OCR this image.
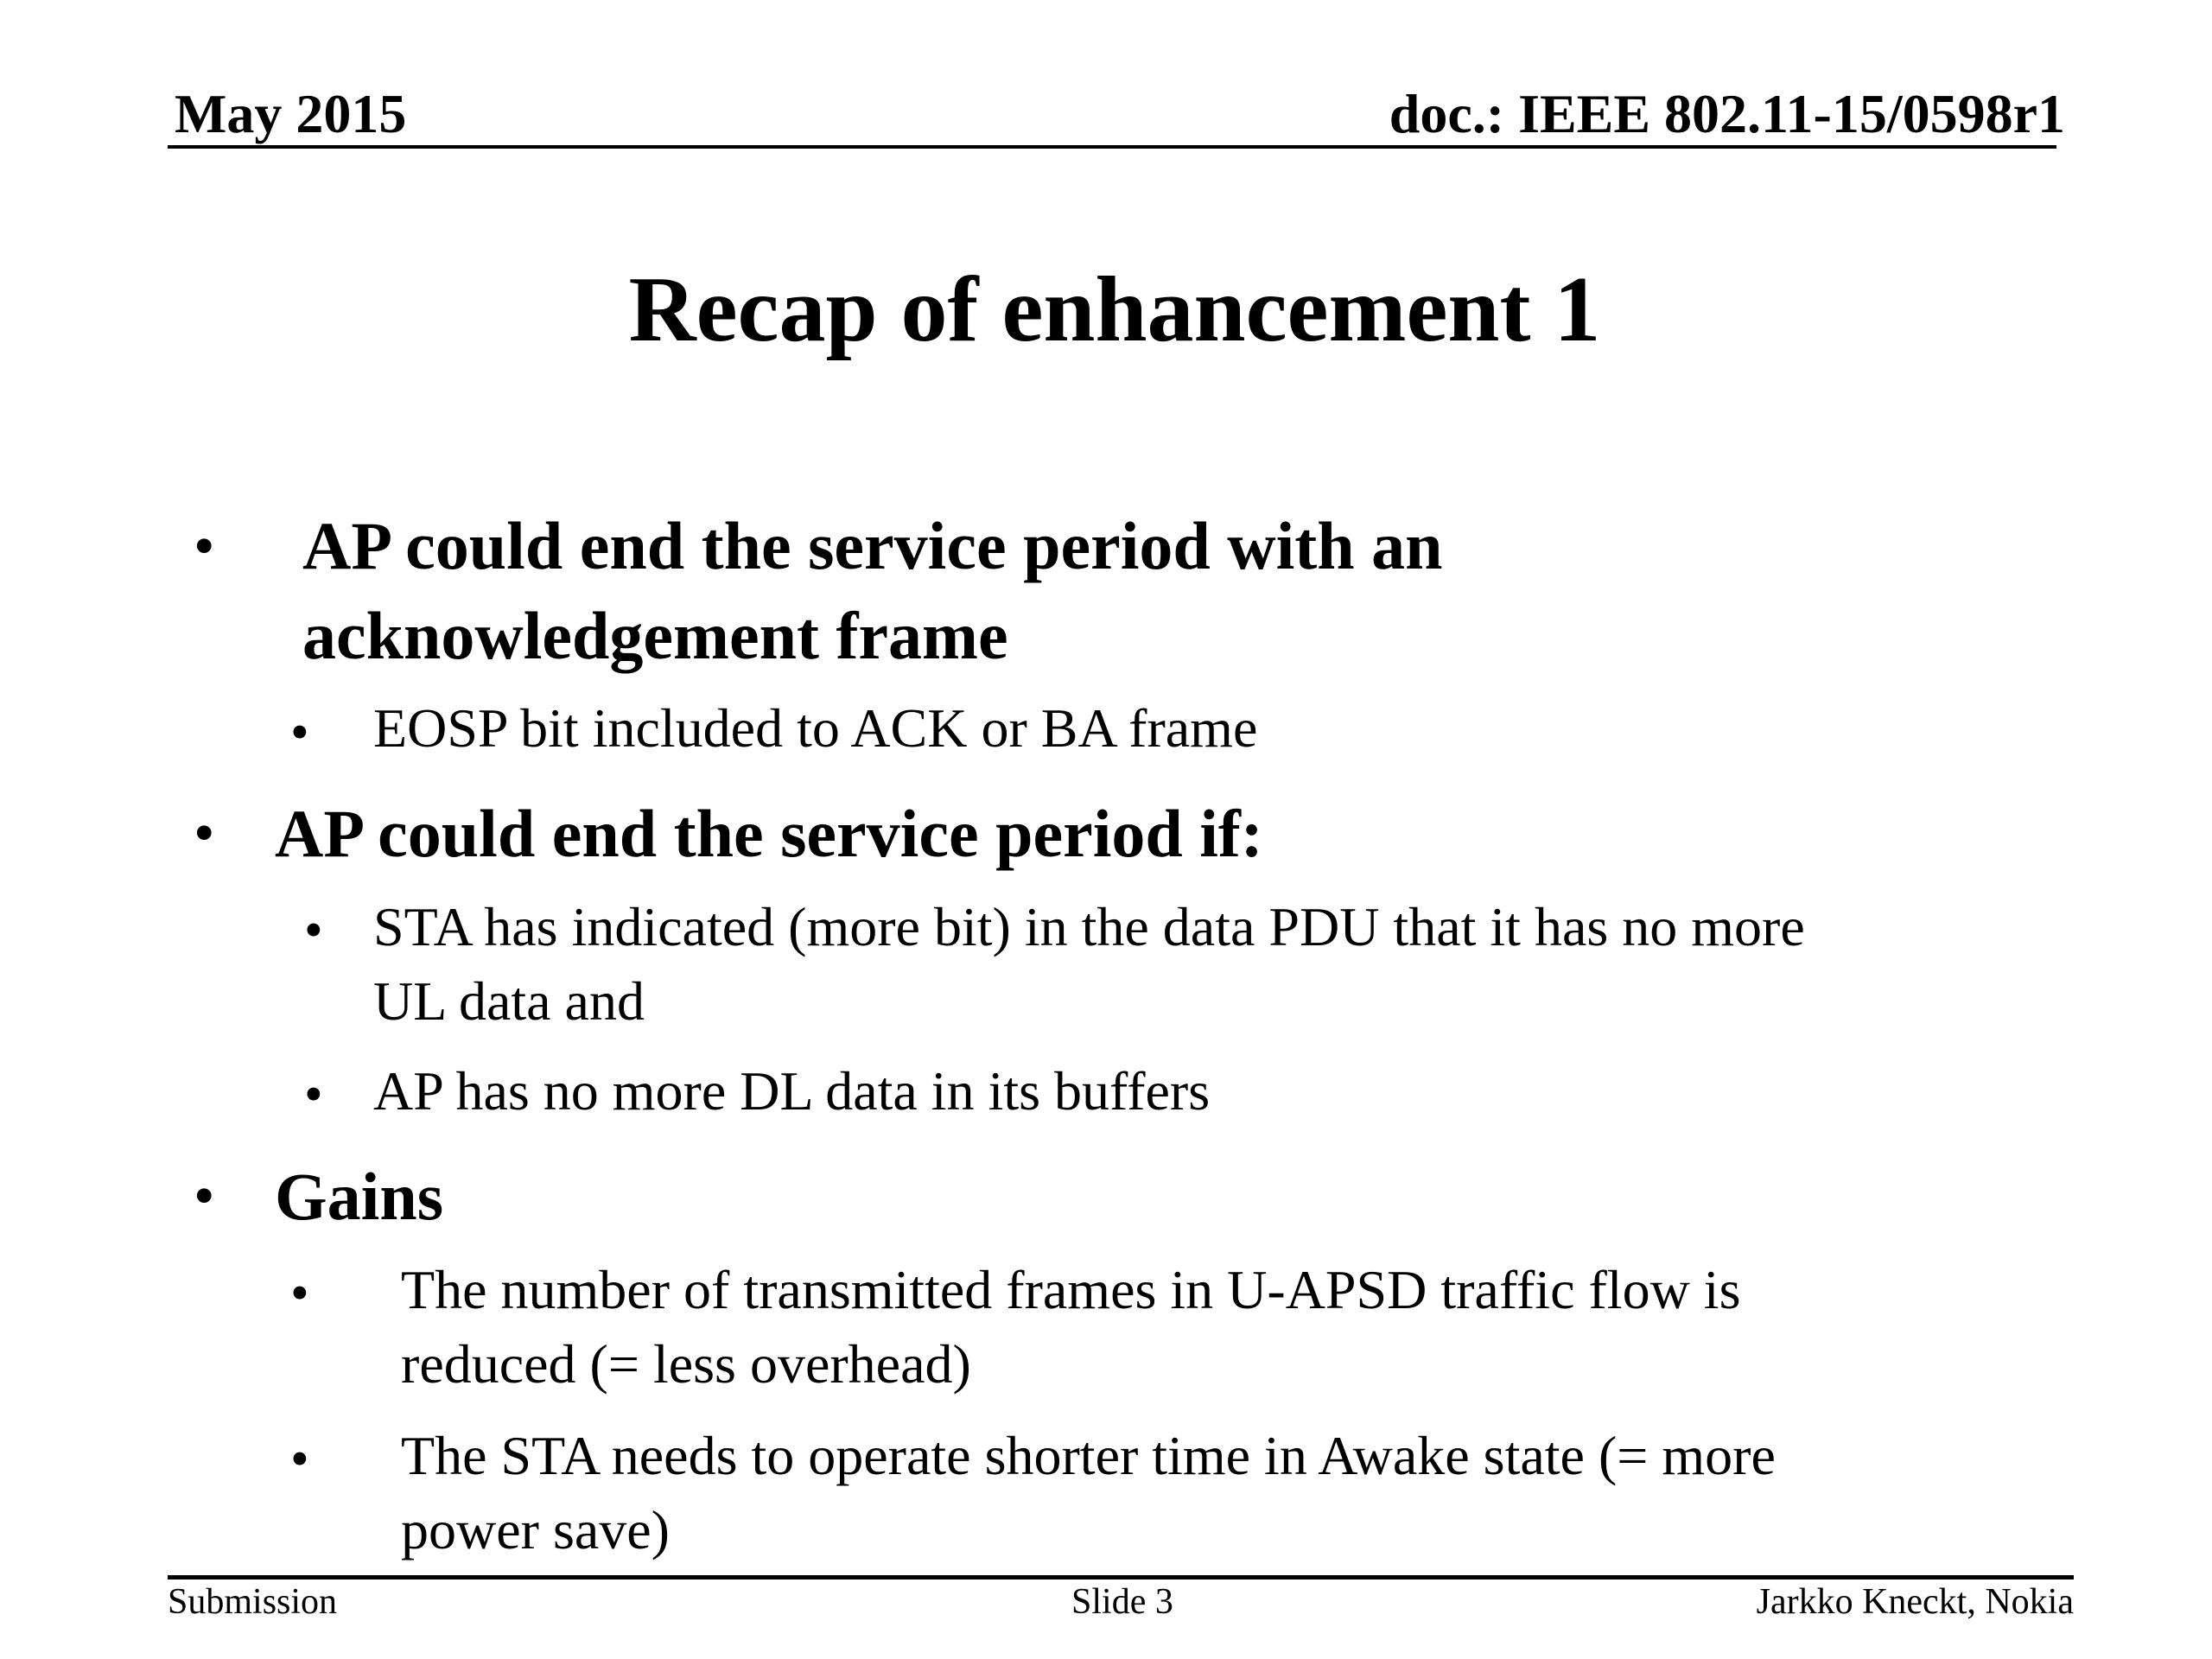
May 2015	doc.: IEEE 802.11-15/0598r1
Recap of enhancement 1
• AP could end the service period with an
acknowledgement frame
• EOSP bit included to ACK or BA frame
• AP could end the service period if:
• STA has indicated (more bit) in the data PDU that it has no more
UL data and
• AP has no more DL data in its buffers
• Gains
• The number of transmitted frames in U-APSD traffic flow is
reduced (= less overhead)
• The STA needs to operate shorter time in Awake state (= more
power save)
Submission	Slide 3	Jarkko Kneckt, Nokia
